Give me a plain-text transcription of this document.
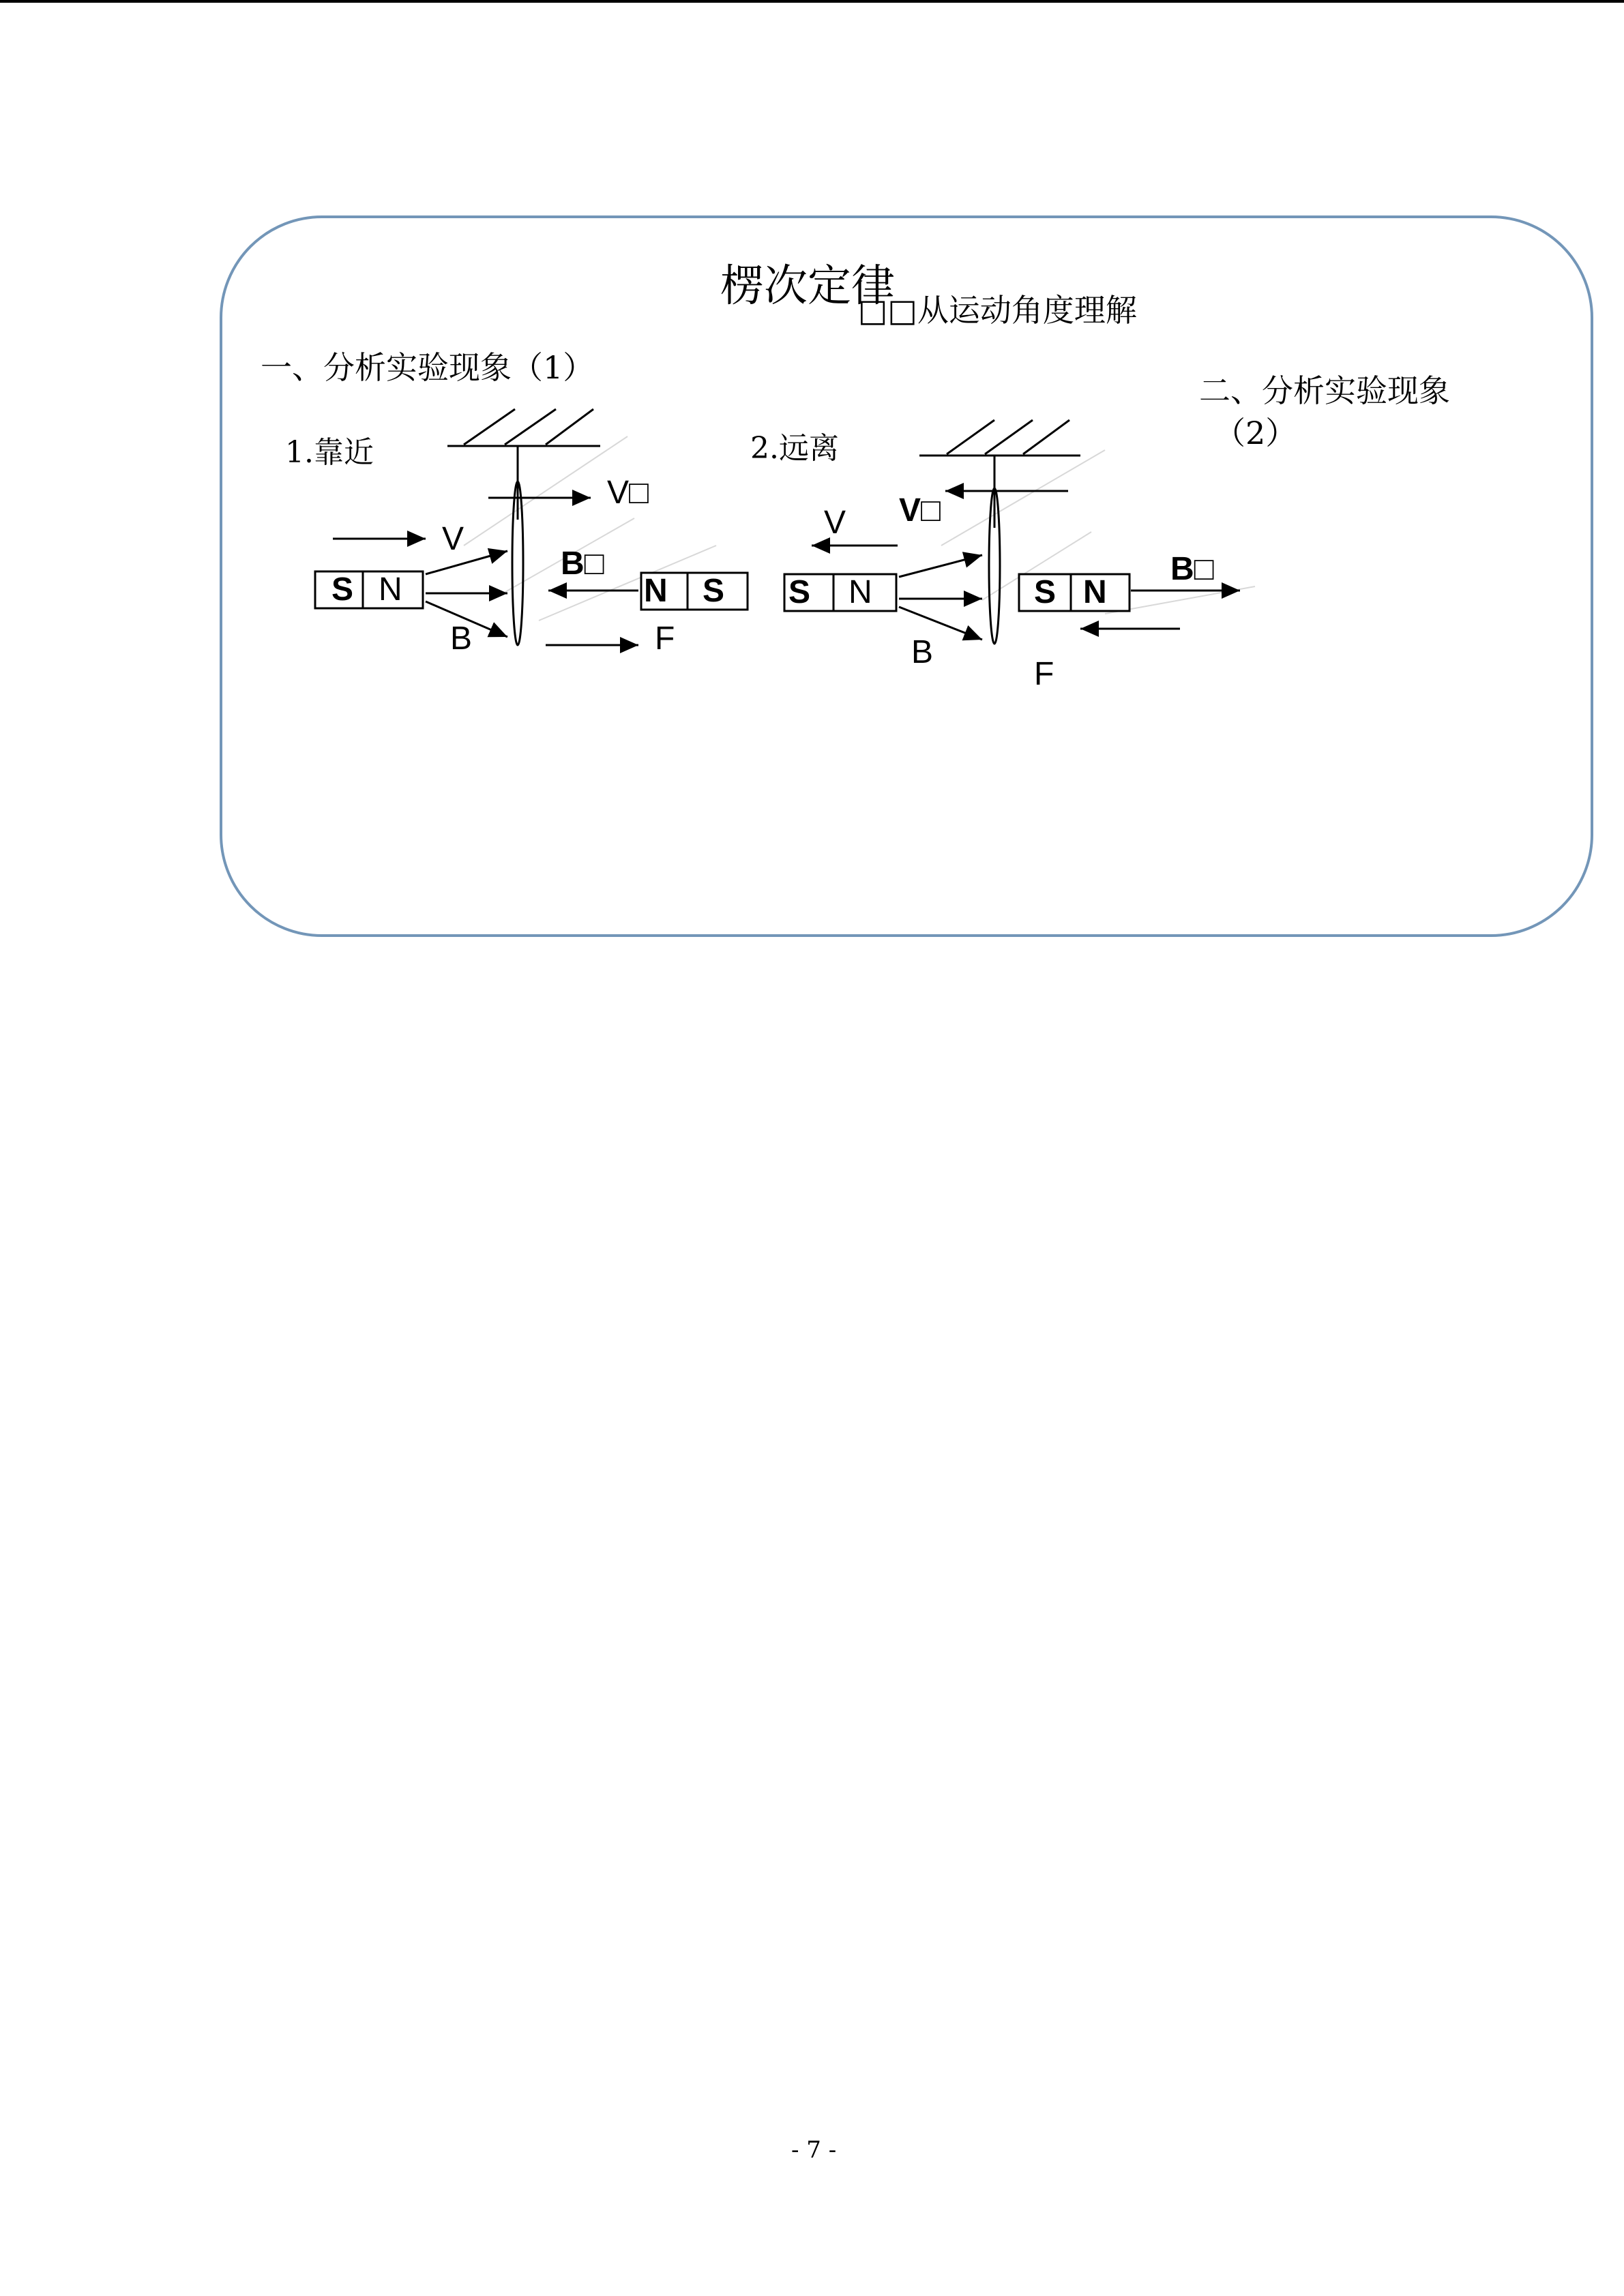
楞次定律
□□从运动角度理解
一、分析实验现象（1）
二、分析实验现象
（2）
1.靠近	2.远离
S N
V
V□
B
B□
N S
F
V□
V
S N
B
S N
B□
F
- 7 -
